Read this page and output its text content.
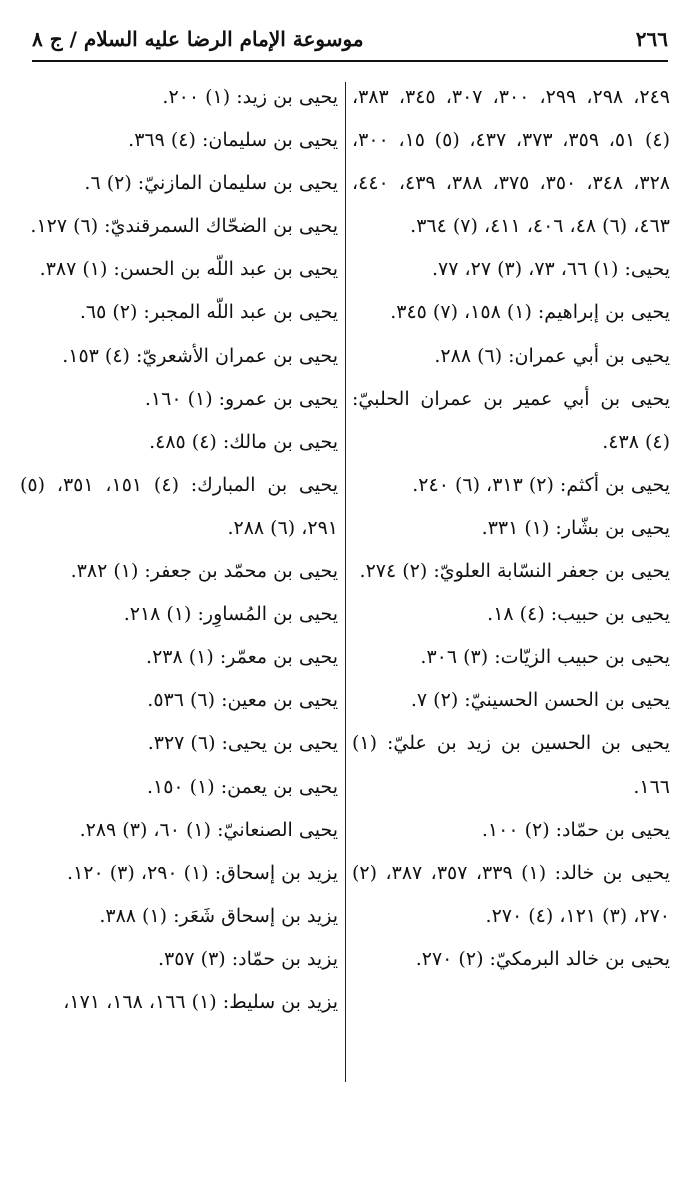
موسوعة الإمام الرضا عليه السلام / ج ٨	٢٦٦

٢٤٩، ٢٩٨، ٢٩٩، ٣٠٠، ٣٠٧، ٣٤٥، ٣٨٣، (٤) ٥١، ٣٥٩، ٣٧٣، ٤٣٧، (٥) ١٥، ٣٠٠، ٣٢٨، ٣٤٨، ٣٥٠، ٣٧٥، ٣٨٨، ٤٣٩، ٤٤٠، ٤٦٣، (٦) ٤٨، ٤٠٦، ٤١١، (٧) ٣٦٤.

يحيى: (١) ٦٦، ٧٣، (٣) ٢٧، ٧٧.

يحيى بن إبراهيم: (١) ١٥٨، (٧) ٣٤٥.

يحيى بن أبي عمران: (٦) ٢٨٨.

يحيى بن أبي عمير بن عمران الحلبيّ: (٤) ٤٣٨.

يحيى بن أكثم: (٢) ٣١٣، (٦) ٢٤٠.

يحيى بن بشّار: (١) ٣٣١.

يحيى بن جعفر النسّابة العلويّ: (٢) ٢٧٤.

يحيى بن حبيب: (٤) ١٨.

يحيى بن حبيب الزيّات: (٣) ٣٠٦.

يحيى بن الحسن الحسينيّ: (٢) ٧.

يحيى بن الحسين بن زيد بن عليّ: (١) ١٦٦.

يحيى بن حمّاد: (٢) ١٠٠.

يحيى بن خالد: (١) ٣٣٩، ٣٥٧، ٣٨٧، (٢) ٢٧٠، (٣) ١٢١، (٤) ٢٧٠.

يحيى بن خالد البرمكيّ: (٢) ٢٧٠.

يحيى بن زيد: (١) ٢٠٠.

يحيى بن سليمان: (٤) ٣٦٩.

يحيى بن سليمان المازنيّ: (٢) ٦.

يحيى بن الضحّاك السمرقنديّ: (٦) ١٢٧.

يحيى بن عبد اللّه بن الحسن: (١) ٣٨٧.

يحيى بن عبد اللّه المجبر: (٢) ٦٥.

يحيى بن عمران الأشعريّ: (٤) ١٥٣.

يحيى بن عمرو: (١) ١٦٠.

يحيى بن مالك: (٤) ٤٨٥.

يحيى بن المبارك: (٤) ١٥١، ٣٥١، (٥) ٢٩١، (٦) ٢٨٨.

يحيى بن محمّد بن جعفر: (١) ٣٨٢.

يحيى بن المُساوِر: (١) ٢١٨.

يحيى بن معمّر: (١) ٢٣٨.

يحيى بن معين: (٦) ٥٣٦.

يحيى بن يحيى: (٦) ٣٢٧.

يحيى بن يعمن: (١) ١٥٠.

يحيى الصنعانيّ: (١) ٦٠، (٣) ٢٨٩.

يزيد بن إسحاق: (١) ٢٩٠، (٣) ١٢٠.

يزيد بن إسحاق شَعَر: (١) ٣٨٨.

يزيد بن حمّاد: (٣) ٣٥٧.

يزيد بن سليط: (١) ١٦٦، ١٦٨، ١٧١،
